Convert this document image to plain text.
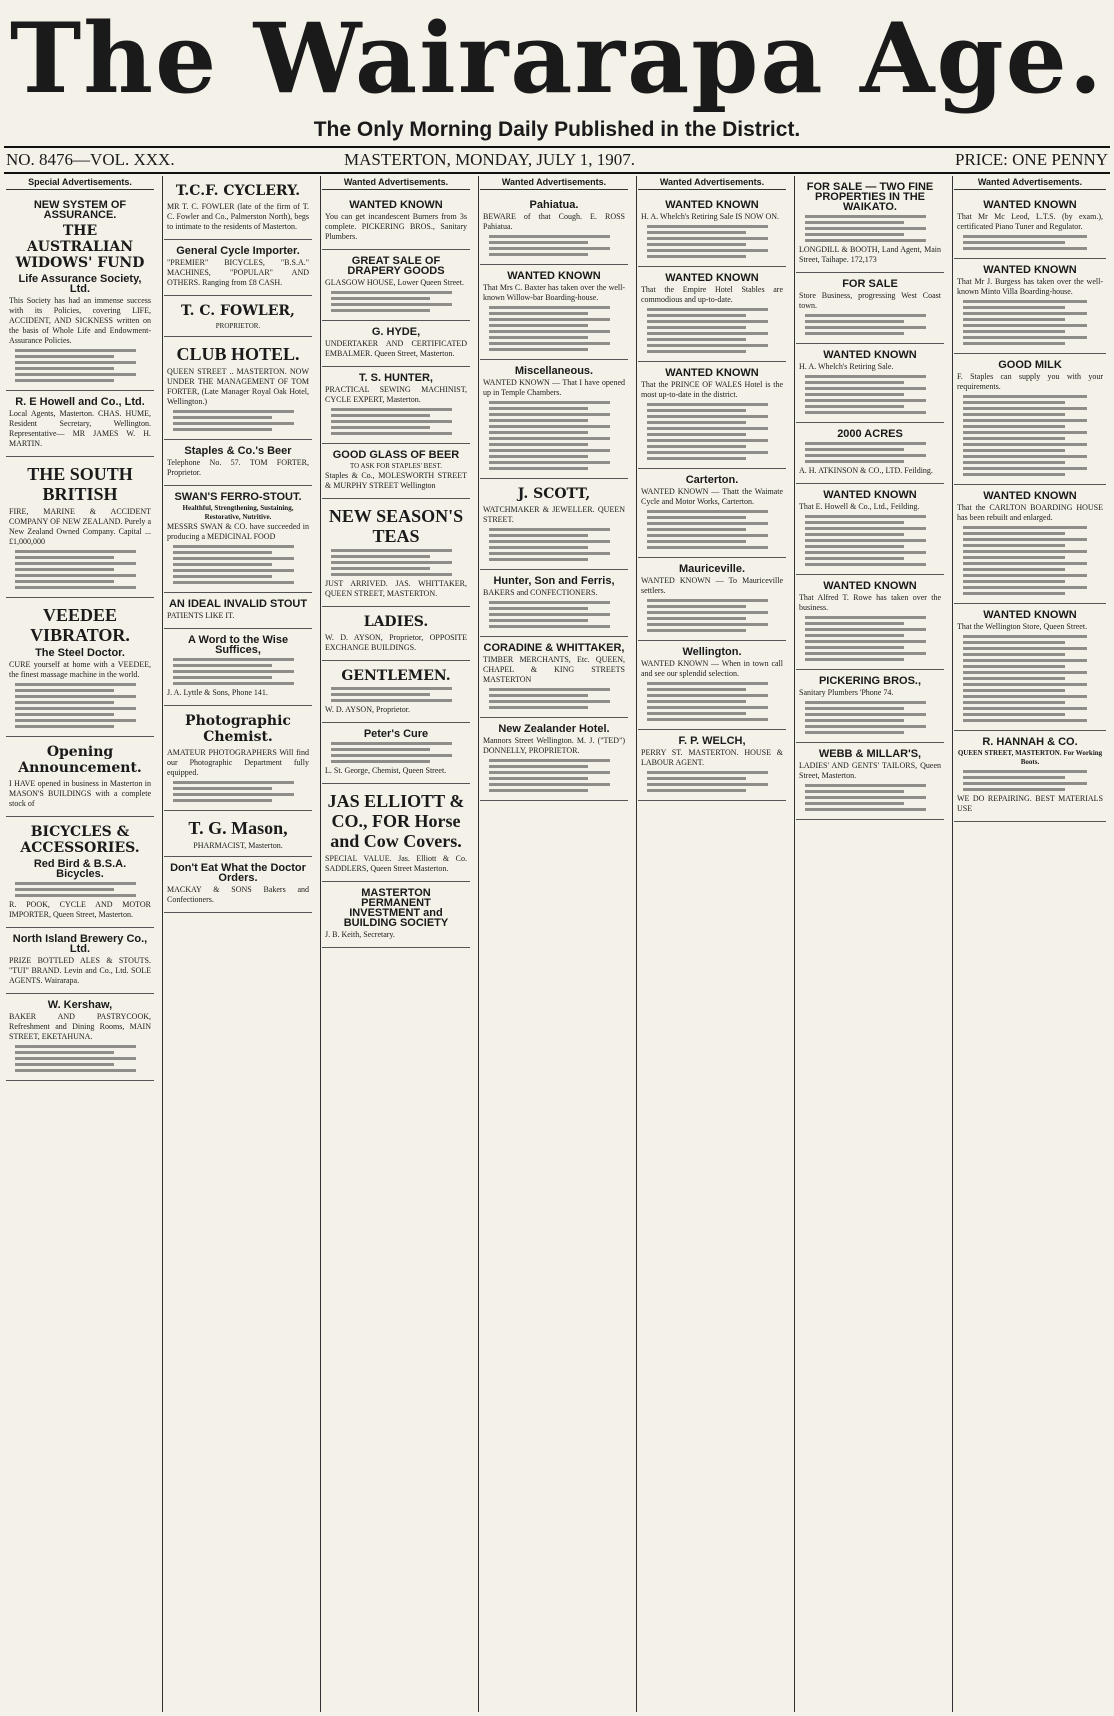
The Wairarapa Age.
The Only Morning Daily Published in the District.
NO. 8476—VOL. XXX.	MASTERTON, MONDAY, JULY 1, 1907.	PRICE: ONE PENNY
Special Advertisements.
NEW SYSTEM OF ASSURANCE.
THE AUSTRALIAN WIDOWS' FUND
Life Assurance Society, Ltd.

This Society has had an immense success with its Policies, covering LIFE, ACCIDENT, AND SICKNESS written on the basis of Whole Life and Endowment-Assurance Policies.

R. E Howell and Co., Ltd.

Local Agents, Masterton. CHAS. HUME, Resident Secretary, Wellington. Representative— MR JAMES W. H. MARTIN.

THE SOUTH BRITISH

FIRE, MARINE & ACCIDENT COMPANY OF NEW ZEALAND. Purely a New Zealand Owned Company. Capital ... £1,000,000

VEEDEE VIBRATOR.
The Steel Doctor.

CURE yourself at home with a VEEDEE, the finest massage machine in the world.

Opening Announcement.

I HAVE opened in business in Masterton in MASON'S BUILDINGS with a complete stock of

BICYCLES & ACCESSORIES.
Red Bird & B.S.A. Bicycles.

R. POOK, CYCLE AND MOTOR IMPORTER, Queen Street, Masterton.

North Island Brewery Co., Ltd.

PRIZE BOTTLED ALES & STOUTS. "TUI" BRAND. Levin and Co., Ltd. SOLE AGENTS. Wairarapa.

W. Kershaw,

BAKER AND PASTRYCOOK, Refreshment and Dining Rooms, MAIN STREET, EKETAHUNA.

T.C.F. CYCLERY.

MR T. C. FOWLER (late of the firm of T. C. Fowler and Co., Palmerston North), begs to intimate to the residents of Masterton.

General Cycle Importer.

"PREMIER" BICYCLES, "B.S.A." MACHINES, "POPULAR" AND OTHERS. Ranging from £8 CASH.

T. C. FOWLER,
PROPRIETOR.
CLUB HOTEL.

QUEEN STREET .. MASTERTON. NOW UNDER THE MANAGEMENT OF TOM FORTER, (Late Manager Royal Oak Hotel, Wellington.)

Staples & Co.'s Beer

Telephone No. 57. TOM FORTER, Proprietor.

SWAN'S FERRO-STOUT.
Healthful, Strengthening, Sustaining, Restorative, Nutritive.

MESSRS SWAN & CO. have succeeded in producing a MEDICINAL FOOD

AN IDEAL INVALID STOUT

PATIENTS LIKE IT.

A Word to the Wise Suffices,

J. A. Lyttle & Sons, Phone 141.

Photographic Chemist.

AMATEUR PHOTOGRAPHERS Will find our Photographic Department fully equipped.

T. G. Mason,
PHARMACIST, Masterton.
Don't Eat What the Doctor Orders.

MACKAY & SONS Bakers and Confectioners.

Wanted Advertisements.
WANTED KNOWN

You can get incandescent Burners from 3s complete. PICKERING BROS., Sanitary Plumbers.

GREAT SALE OF DRAPERY GOODS

GLASGOW HOUSE, Lower Queen Street.

G. HYDE,

UNDERTAKER AND CERTIFICATED EMBALMER. Queen Street, Masterton.

T. S. HUNTER,

PRACTICAL SEWING MACHINIST, CYCLE EXPERT, Masterton.

GOOD GLASS OF BEER
TO ASK FOR STAPLES' BEST.

Staples & Co., MOLESWORTH STREET & MURPHY STREET Wellington

NEW SEASON'S TEAS

JUST ARRIVED. JAS. WHITTAKER, QUEEN STREET, MASTERTON.

LADIES.

W. D. AYSON, Proprietor, OPPOSITE EXCHANGE BUILDINGS.

GENTLEMEN.

W. D. AYSON, Proprietor.

Peter's Cure

L. St. George, Chemist, Queen Street.

JAS ELLIOTT & CO., FOR Horse and Cow Covers.

SPECIAL VALUE. Jas. Elliott & Co. SADDLERS, Queen Street Masterton.

MASTERTON PERMANENT INVESTMENT and BUILDING SOCIETY

J. B. Keith, Secretary.

Wanted Advertisements.
Pahiatua.

BEWARE of that Cough. E. ROSS Pahiatua.

WANTED KNOWN

That Mrs C. Baxter has taken over the well-known Willow-bar Boarding-house.

Miscellaneous.

WANTED KNOWN — That I have opened up in Temple Chambers.

J. SCOTT,

WATCHMAKER & JEWELLER. QUEEN STREET.

Hunter, Son and Ferris,

BAKERS and CONFECTIONERS.

CORADINE & WHITTAKER,

TIMBER MERCHANTS, Etc. QUEEN, CHAPEL & KING STREETS MASTERTON

New Zealander Hotel.

Mannors Street Wellington. M. J. ("TED") DONNELLY, PROPRIETOR.

Wanted Advertisements.
WANTED KNOWN

H. A. Whelch's Retiring Sale IS NOW ON.

WANTED KNOWN

That the Empire Hotel Stables are commodious and up-to-date.

WANTED KNOWN

That the PRINCE OF WALES Hotel is the most up-to-date in the district.

Carterton.

WANTED KNOWN — Thatt the Waimate Cycle and Motor Works, Carterton.

Mauriceville.

WANTED KNOWN — To Mauriceville settlers.

Wellington.

WANTED KNOWN — When in town call and see our splendid selection.

F. P. WELCH,

PERRY ST. MASTERTON. HOUSE & LABOUR AGENT.

FOR SALE — TWO FINE PROPERTIES IN THE WAIKATO.

LONGDILL & BOOTH, Land Agent, Main Street, Taihape. 172,173

FOR SALE

Store Business, progressing West Coast town.

WANTED KNOWN

H. A. Whelch's Retiring Sale.

2000 ACRES

A. H. ATKINSON & CO., LTD. Feilding.

WANTED KNOWN

That E. Howell & Co., Ltd., Feilding.

WANTED KNOWN

That Alfred T. Rowe has taken over the business.

PICKERING BROS.,

Sanitary Plumbers 'Phone 74.

WEBB & MILLAR'S,

LADIES' AND GENTS' TAILORS, Queen Street, Masterton.

Wanted Advertisements.
WANTED KNOWN

That Mr Mc Leod, L.T.S. (by exam.), certificated Piano Tuner and Regulator.

WANTED KNOWN

That Mr J. Burgess has taken over the well-known Minto Villa Boarding-house.

GOOD MILK

F. Staples can supply you with your requirements.

WANTED KNOWN

That the CARLTON BOARDING HOUSE has been rebuilt and enlarged.

WANTED KNOWN

That the Wellington Store, Queen Street.

R. HANNAH & CO.
QUEEN STREET, MASTERTON. For Working Boots.

WE DO REPAIRING. BEST MATERIALS USE
